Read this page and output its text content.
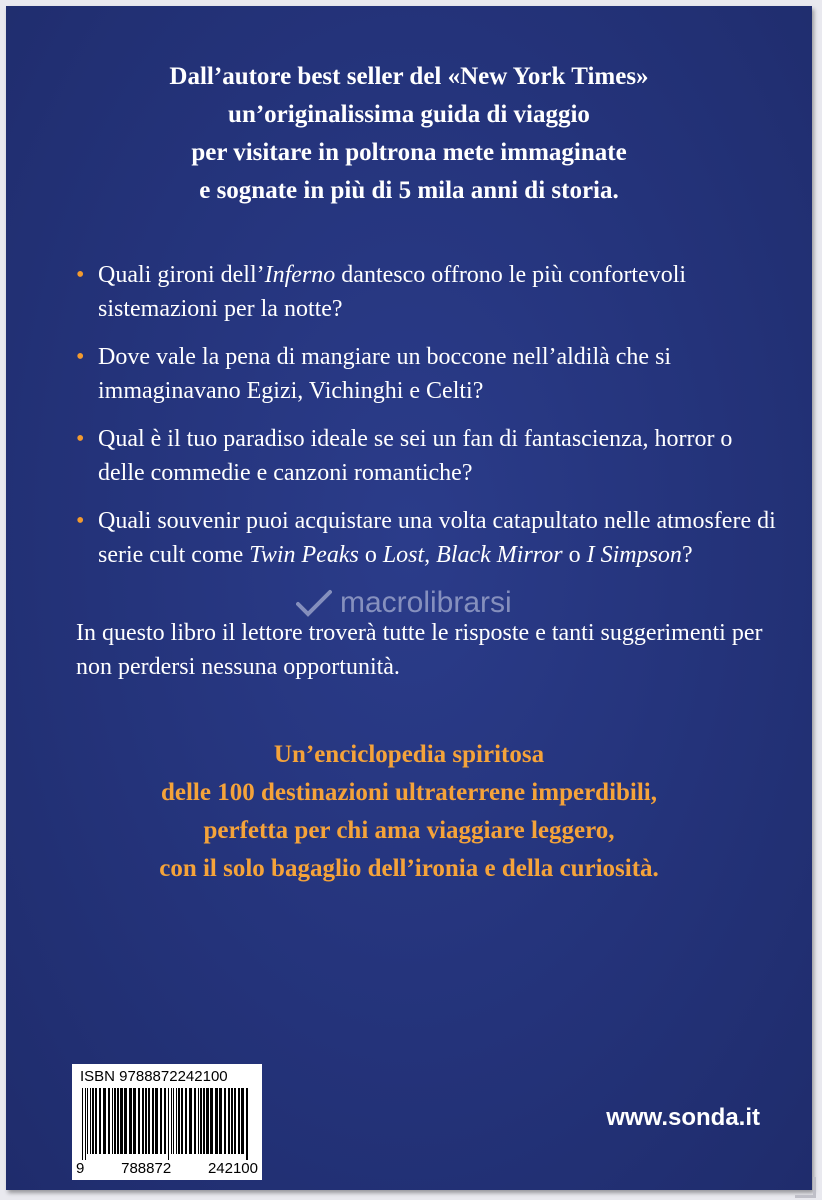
Dall’autore best seller del «New York Times»
un’originalissima guida di viaggio
per visitare in poltrona mete immaginate
e sognate in più di 5 mila anni di storia.
• Quali gironi dell’Inferno dantesco offrono le più confortevoli sistemazioni per la notte?
• Dove vale la pena di mangiare un boccone nell’aldilà che si immaginavano Egizi, Vichinghi e Celti?
• Qual è il tuo paradiso ideale se sei un fan di fantascienza, horror o delle commedie e canzoni romantiche?
• Quali souvenir puoi acquistare una volta catapultato nelle atmosfere di serie cult come Twin Peaks o Lost, Black Mirror o I Simpson?
macrolibrarsi
In questo libro il lettore troverà tutte le risposte e tanti suggerimenti per non perdersi nessuna opportunità.
Un’enciclopedia spiritosa
delle 100 destinazioni ultraterrene imperdibili,
perfetta per chi ama viaggiare leggero,
con il solo bagaglio dell’ironia e della curiosità.
ISBN 9788872242100
9 788872 242100
www.sonda.it
